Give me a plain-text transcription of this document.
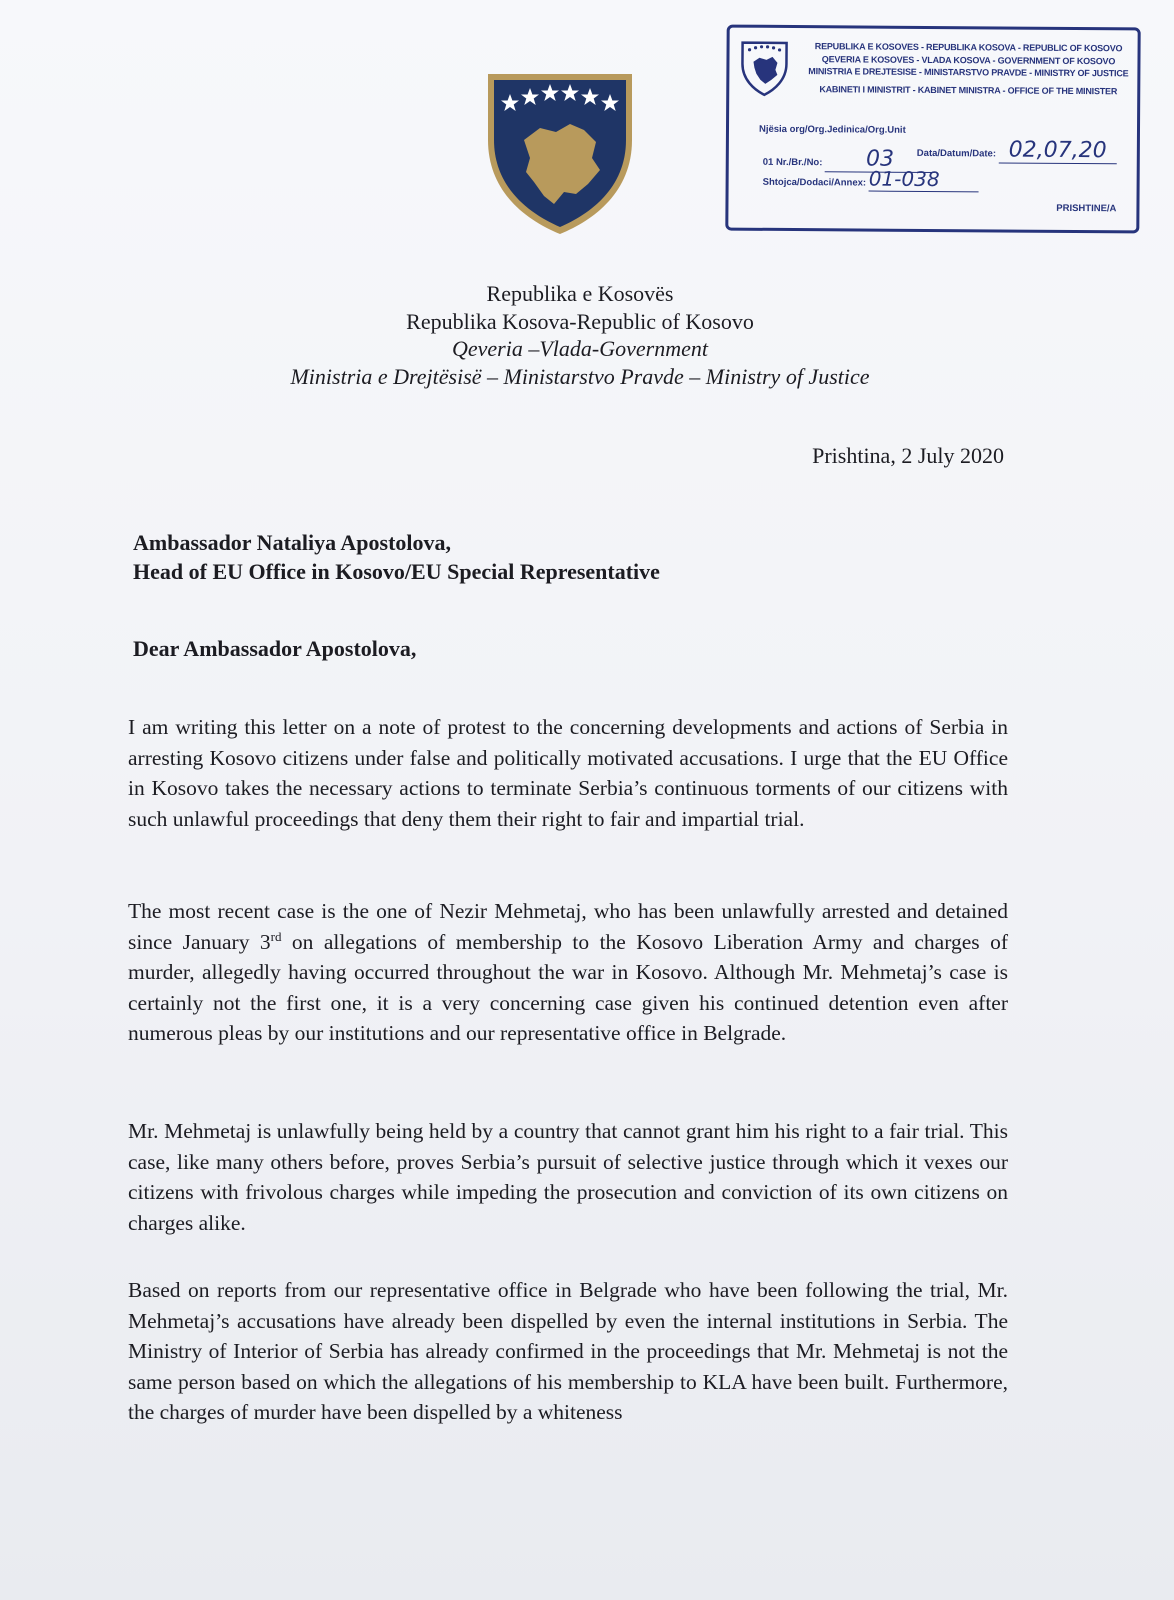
REPUBLIKA E KOSOVES - REPUBLIKA KOSOVA - REPUBLIC OF KOSOVO
QEVERIA E KOSOVES - VLADA KOSOVA - GOVERNMENT OF KOSOVO
MINISTRIA E DREJTESISE - MINISTARSTVO PRAVDE - MINISTRY OF JUSTICE
KABINETI I MINISTRIT - KABINET MINISTRA - OFFICE OF THE MINISTER
Njësia org/Org.Jedinica/Org.Unit
01 Nr./Br./No: 03	Data/Datum/Date: 02,07,20
Shtojca/Dodaci/Annex: 01-038
PRISHTINE/A
Republika e Kosovës
Republika Kosova-Republic of Kosovo
Qeveria –Vlada-Government
Ministria e Drejtësisë – Ministarstvo Pravde – Ministry of Justice
Prishtina, 2 July 2020
Ambassador Nataliya Apostolova,
Head of EU Office in Kosovo/EU Special Representative
Dear Ambassador Apostolova,
I am writing this letter on a note of protest to the concerning developments and actions of Serbia in arresting Kosovo citizens under false and politically motivated accusations. I urge that the EU Office in Kosovo takes the necessary actions to terminate Serbia’s continuous torments of our citizens with such unlawful proceedings that deny them their right to fair and impartial trial.
The most recent case is the one of Nezir Mehmetaj, who has been unlawfully arrested and detained since January 3rd on allegations of membership to the Kosovo Liberation Army and charges of murder, allegedly having occurred throughout the war in Kosovo. Although Mr. Mehmetaj’s case is certainly not the first one, it is a very concerning case given his continued detention even after numerous pleas by our institutions and our representative office in Belgrade.
Mr. Mehmetaj is unlawfully being held by a country that cannot grant him his right to a fair trial. This case, like many others before, proves Serbia’s pursuit of selective justice through which it vexes our citizens with frivolous charges while impeding the prosecution and conviction of its own citizens on charges alike.
Based on reports from our representative office in Belgrade who have been following the trial, Mr. Mehmetaj’s accusations have already been dispelled by even the internal institutions in Serbia. The Ministry of Interior of Serbia has already confirmed in the proceedings that Mr. Mehmetaj is not the same person based on which the allegations of his membership to KLA have been built. Furthermore, the charges of murder have been dispelled by a whiteness
